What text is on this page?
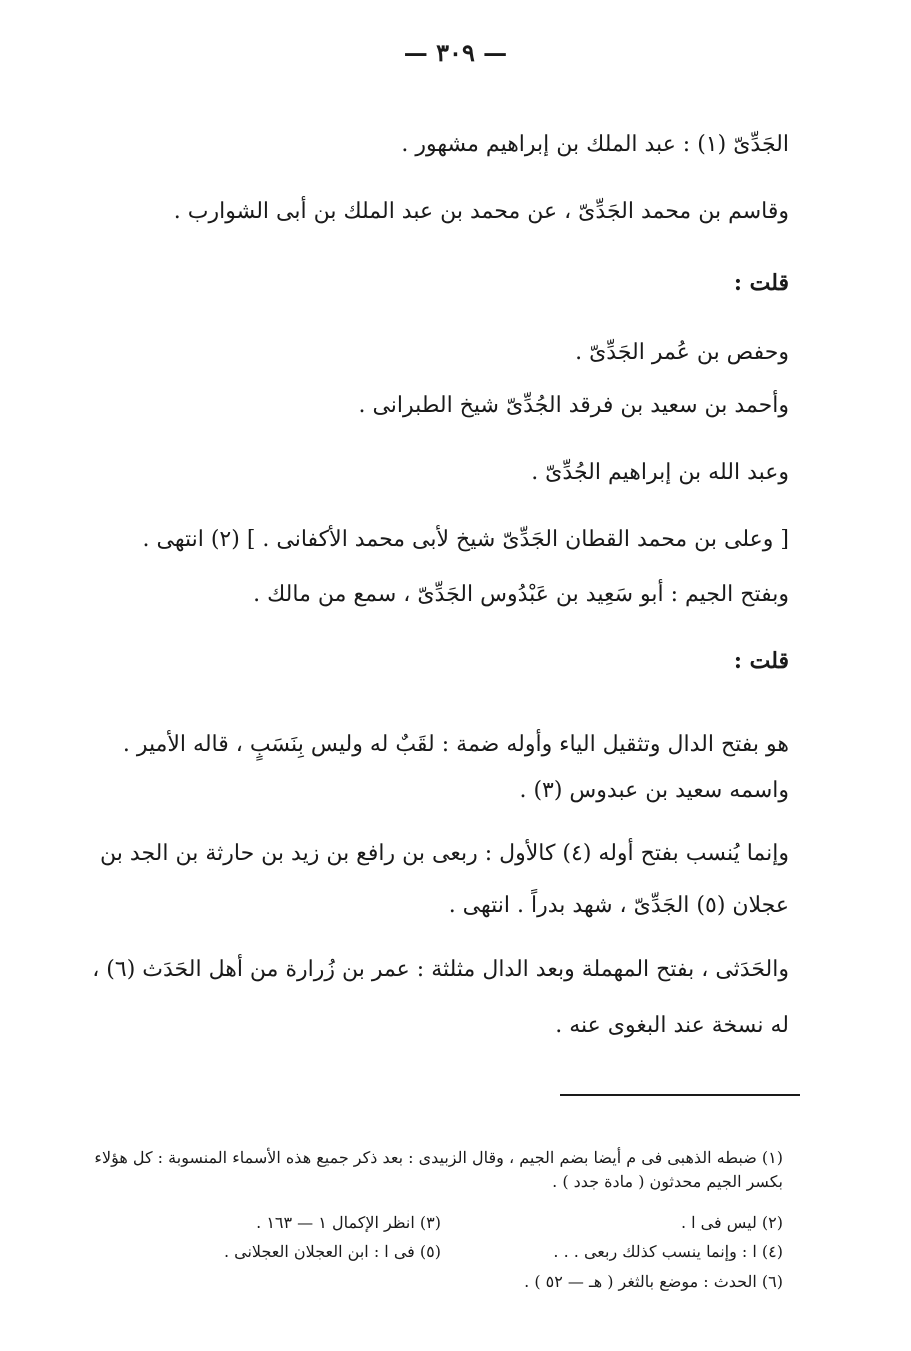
— ٣٠٩ —
الجَدِّىّ (١) : عبد الملك بن إبراهيم مشهور .
وقاسم بن محمد الجَدِّىّ ، عن محمد بن عبد الملك بن أبى الشوارب .
قلت :
وحفص بن عُمر الجَدِّىّ .
وأحمد بن سعيد بن فرقد الجُدِّىّ شيخ الطبرانى .
وعبد الله بن إبراهيم الجُدِّىّ .
[ وعلى بن محمد القطان الجَدِّىّ شيخ لأبى محمد الأكفانى . ] (٢) انتهى .
وبفتح الجيم : أبو سَعِيد بن عَبْدُوس الجَدِّىّ ، سمع من مالك .
قلت :
هو بفتح الدال وتثقيل الياء وأوله ضمة : لقَبٌ له وليس بِنَسَبٍ ، قاله الأمير . واسمه سعيد بن عبدوس (٣) .
وإنما يُنسب بفتح أوله (٤) كالأول : ربعى بن رافع بن زيد بن حارثة بن الجد بن عجلان (٥) الجَدِّىّ ، شهد بدراً . انتهى .
والحَدَثى ، بفتح المهملة وبعد الدال مثلثة : عمر بن زُرارة من أهل الحَدَث (٦) ، له نسخة عند البغوى عنه .
(١) ضبطه الذهبى فى م أيضا بضم الجيم ، وقال الزبيدى : بعد ذكر جميع هذه الأسماء المنسوبة : كل هؤلاء بكسر الجيم محدثون ( مادة جدد ) .
(٢) ليس فى ا .
(٣) انظر الإكمال ١ — ١٦٣ .
(٤) ا : وإنما ينسب كذلك ربعى . . .
(٥) فى ا : ابن العجلان العجلانى .
(٦) الحدث : موضع بالثغر ( هـ — ٥٢ ) .
